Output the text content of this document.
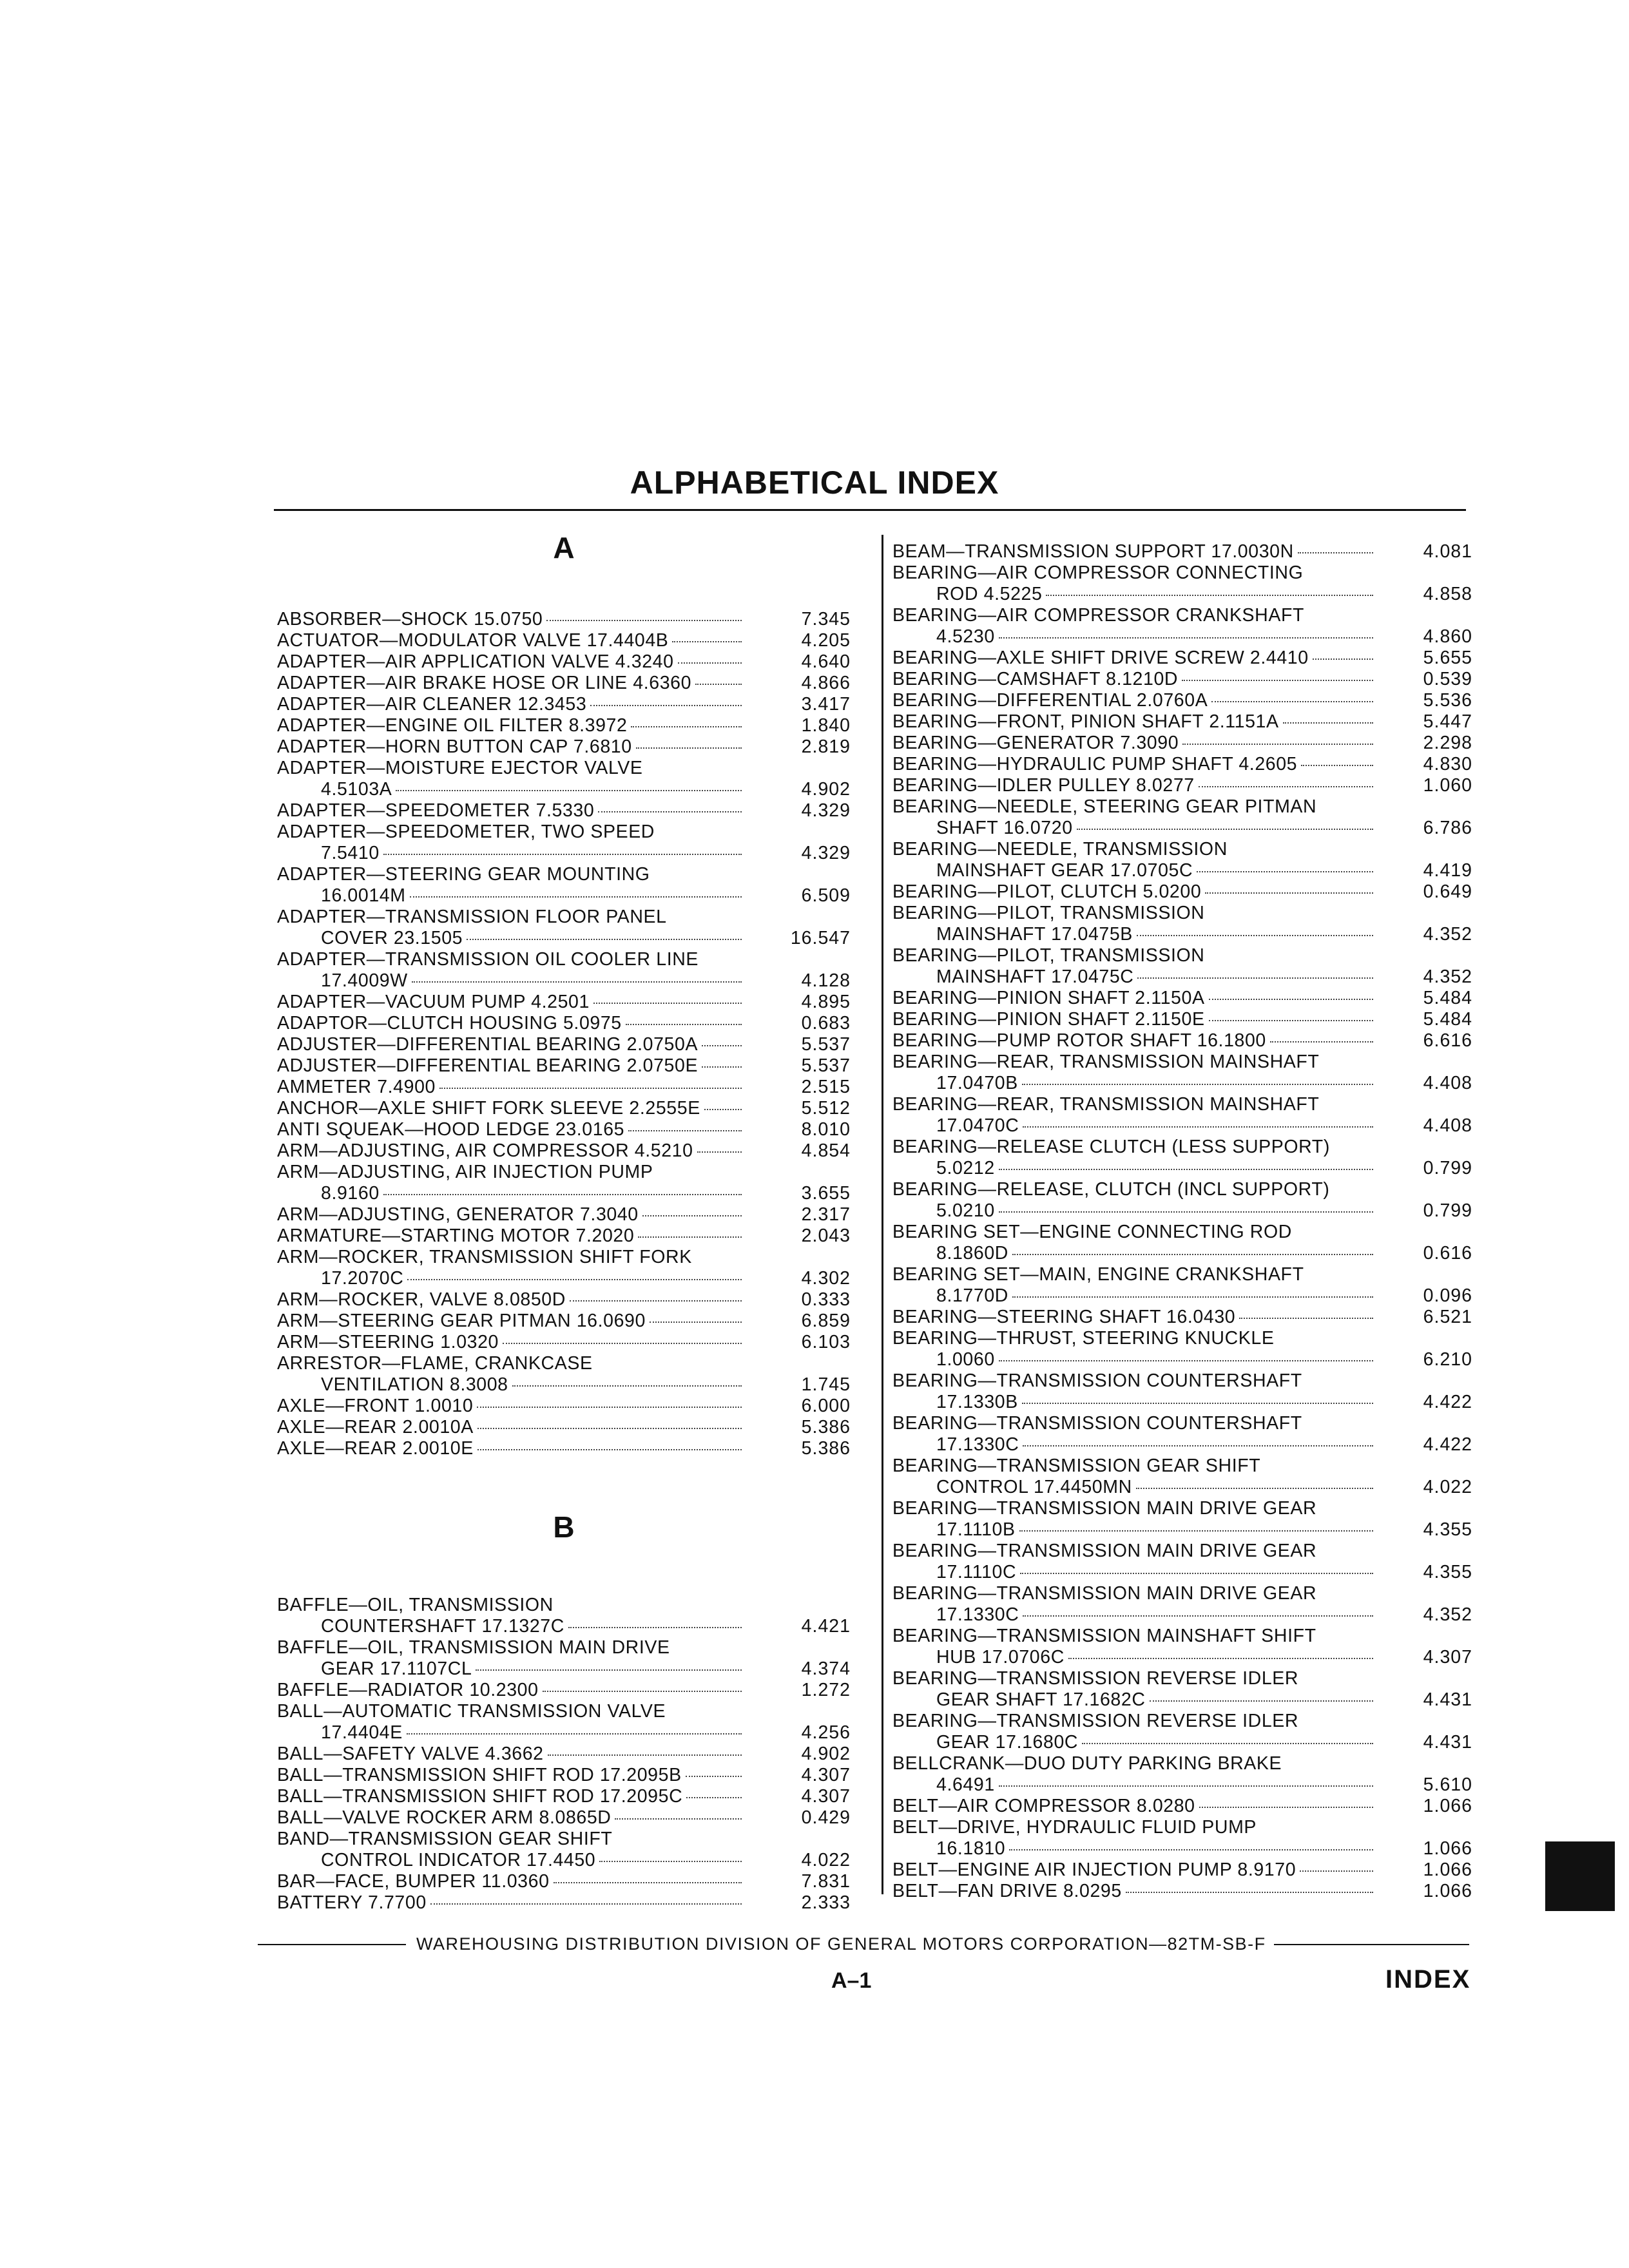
ALPHABETICAL INDEX
A
ABSORBER—SHOCK 15.0750	7.345
ACTUATOR—MODULATOR VALVE 17.4404B	4.205
ADAPTER—AIR APPLICATION VALVE 4.3240	4.640
ADAPTER—AIR BRAKE HOSE OR LINE 4.6360	4.866
ADAPTER—AIR CLEANER 12.3453	3.417
ADAPTER—ENGINE OIL FILTER 8.3972	1.840
ADAPTER—HORN BUTTON CAP 7.6810	2.819
ADAPTER—MOISTURE EJECTOR VALVE
4.5103A	4.902
ADAPTER—SPEEDOMETER 7.5330	4.329
ADAPTER—SPEEDOMETER, TWO SPEED
7.5410	4.329
ADAPTER—STEERING GEAR MOUNTING
16.0014M	6.509
ADAPTER—TRANSMISSION FLOOR PANEL
COVER 23.1505	16.547
ADAPTER—TRANSMISSION OIL COOLER LINE
17.4009W	4.128
ADAPTER—VACUUM PUMP 4.2501	4.895
ADAPTOR—CLUTCH HOUSING 5.0975	0.683
ADJUSTER—DIFFERENTIAL BEARING 2.0750A	5.537
ADJUSTER—DIFFERENTIAL BEARING 2.0750E	5.537
AMMETER 7.4900	2.515
ANCHOR—AXLE SHIFT FORK SLEEVE 2.2555E	5.512
ANTI SQUEAK—HOOD LEDGE 23.0165	8.010
ARM—ADJUSTING, AIR COMPRESSOR 4.5210	4.854
ARM—ADJUSTING, AIR INJECTION PUMP
8.9160	3.655
ARM—ADJUSTING, GENERATOR 7.3040	2.317
ARMATURE—STARTING MOTOR 7.2020	2.043
ARM—ROCKER, TRANSMISSION SHIFT FORK
17.2070C	4.302
ARM—ROCKER, VALVE 8.0850D	0.333
ARM—STEERING GEAR PITMAN 16.0690	6.859
ARM—STEERING 1.0320	6.103
ARRESTOR—FLAME, CRANKCASE
VENTILATION 8.3008	1.745
AXLE—FRONT 1.0010	6.000
AXLE—REAR 2.0010A	5.386
AXLE—REAR 2.0010E	5.386
B
BAFFLE—OIL, TRANSMISSION
COUNTERSHAFT 17.1327C	4.421
BAFFLE—OIL, TRANSMISSION MAIN DRIVE
GEAR 17.1107CL	4.374
BAFFLE—RADIATOR 10.2300	1.272
BALL—AUTOMATIC TRANSMISSION VALVE
17.4404E	4.256
BALL—SAFETY VALVE 4.3662	4.902
BALL—TRANSMISSION SHIFT ROD 17.2095B	4.307
BALL—TRANSMISSION SHIFT ROD 17.2095C	4.307
BALL—VALVE ROCKER ARM 8.0865D	0.429
BAND—TRANSMISSION GEAR SHIFT
CONTROL INDICATOR 17.4450	4.022
BAR—FACE, BUMPER 11.0360	7.831
BATTERY 7.7700	2.333
BEAM—TRANSMISSION SUPPORT 17.0030N	4.081
BEARING—AIR COMPRESSOR CONNECTING
ROD 4.5225	4.858
BEARING—AIR COMPRESSOR CRANKSHAFT
4.5230	4.860
BEARING—AXLE SHIFT DRIVE SCREW 2.4410	5.655
BEARING—CAMSHAFT 8.1210D	0.539
BEARING—DIFFERENTIAL 2.0760A	5.536
BEARING—FRONT, PINION SHAFT 2.1151A	5.447
BEARING—GENERATOR 7.3090	2.298
BEARING—HYDRAULIC PUMP SHAFT 4.2605	4.830
BEARING—IDLER PULLEY 8.0277	1.060
BEARING—NEEDLE, STEERING GEAR PITMAN
SHAFT 16.0720	6.786
BEARING—NEEDLE, TRANSMISSION
MAINSHAFT GEAR 17.0705C	4.419
BEARING—PILOT, CLUTCH 5.0200	0.649
BEARING—PILOT, TRANSMISSION
MAINSHAFT 17.0475B	4.352
BEARING—PILOT, TRANSMISSION
MAINSHAFT 17.0475C	4.352
BEARING—PINION SHAFT 2.1150A	5.484
BEARING—PINION SHAFT 2.1150E	5.484
BEARING—PUMP ROTOR SHAFT 16.1800	6.616
BEARING—REAR, TRANSMISSION MAINSHAFT
17.0470B	4.408
BEARING—REAR, TRANSMISSION MAINSHAFT
17.0470C	4.408
BEARING—RELEASE CLUTCH (LESS SUPPORT)
5.0212	0.799
BEARING—RELEASE, CLUTCH (INCL SUPPORT)
5.0210	0.799
BEARING SET—ENGINE CONNECTING ROD
8.1860D	0.616
BEARING SET—MAIN, ENGINE CRANKSHAFT
8.1770D	0.096
BEARING—STEERING SHAFT 16.0430	6.521
BEARING—THRUST, STEERING KNUCKLE
1.0060	6.210
BEARING—TRANSMISSION COUNTERSHAFT
17.1330B	4.422
BEARING—TRANSMISSION COUNTERSHAFT
17.1330C	4.422
BEARING—TRANSMISSION GEAR SHIFT
CONTROL 17.4450MN	4.022
BEARING—TRANSMISSION MAIN DRIVE GEAR
17.1110B	4.355
BEARING—TRANSMISSION MAIN DRIVE GEAR
17.1110C	4.355
BEARING—TRANSMISSION MAIN DRIVE GEAR
17.1330C	4.352
BEARING—TRANSMISSION MAINSHAFT SHIFT
HUB 17.0706C	4.307
BEARING—TRANSMISSION REVERSE IDLER
GEAR SHAFT 17.1682C	4.431
BEARING—TRANSMISSION REVERSE IDLER
GEAR 17.1680C	4.431
BELLCRANK—DUO DUTY PARKING BRAKE
4.6491	5.610
BELT—AIR COMPRESSOR 8.0280	1.066
BELT—DRIVE, HYDRAULIC FLUID PUMP
16.1810	1.066
BELT—ENGINE AIR INJECTION PUMP 8.9170	1.066
BELT—FAN DRIVE 8.0295	1.066
WAREHOUSING DISTRIBUTION DIVISION OF GENERAL MOTORS CORPORATION—82TM-SB-F
A–1	INDEX
